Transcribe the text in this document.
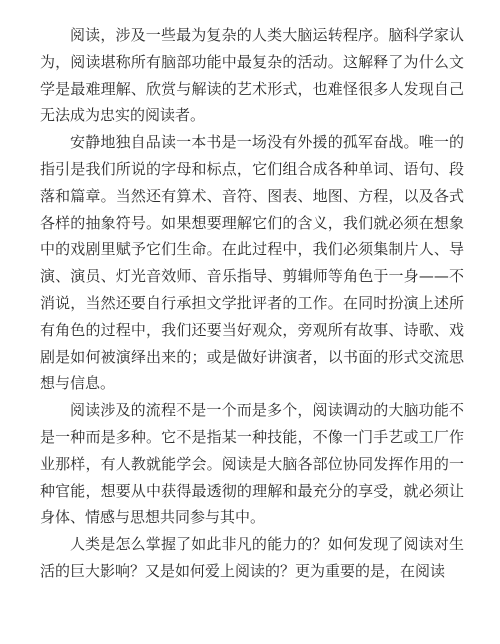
阅读，涉及一些最为复杂的人类大脑运转程序。脑科学家认为，阅读堪称所有脑部功能中最复杂的活动。这解释了为什么文学是最难理解、欣赏与解读的艺术形式，也难怪很多人发现自己无法成为忠实的阅读者。

安静地独自品读一本书是一场没有外援的孤军奋战。唯一的指引是我们所说的字母和标点，它们组合成各种单词、语句、段落和篇章。当然还有算术、音符、图表、地图、方程，以及各式各样的抽象符号。如果想要理解它们的含义，我们就必须在想象中的戏剧里赋予它们生命。在此过程中，我们必须集制片人、导演、演员、灯光音效师、音乐指导、剪辑师等角色于一身——不消说，当然还要自行承担文学批评者的工作。在同时扮演上述所有角色的过程中，我们还要当好观众，旁观所有故事、诗歌、戏剧是如何被演绎出来的；或是做好讲演者，以书面的形式交流思想与信息。

阅读涉及的流程不是一个而是多个，阅读调动的大脑功能不是一种而是多种。它不是指某一种技能，不像一门手艺或工厂作业那样，有人教就能学会。阅读是大脑各部位协同发挥作用的一种官能，想要从中获得最透彻的理解和最充分的享受，就必须让身体、情感与思想共同参与其中。

人类是怎么掌握了如此非凡的能力的？如何发现了阅读对生活的巨大影响？又是如何爱上阅读的？更为重要的是，在阅读
